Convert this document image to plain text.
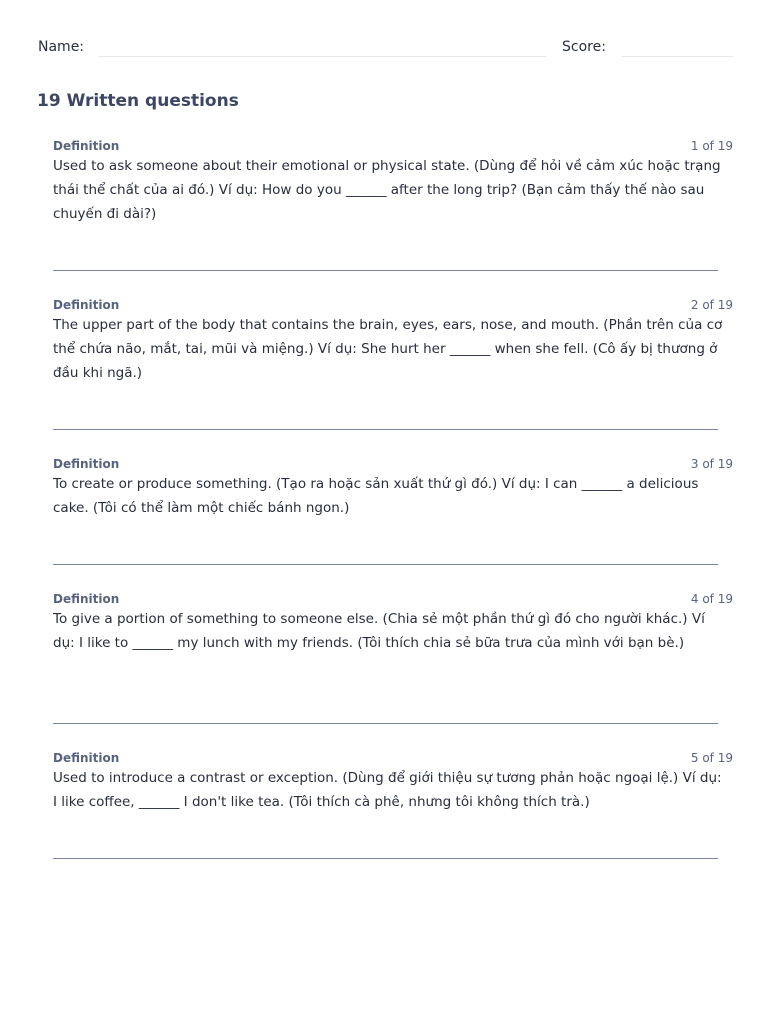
Name:	Score:
19 Written questions
Definition	1 of 19

Used to ask someone about their emotional or physical state. (Dùng để hỏi về cảm xúc hoặc trạng thái thể chất của ai đó.) Ví dụ: How do you ______ after the long trip? (Bạn cảm thấy thế nào sau chuyến đi dài?)

Definition	2 of 19

The upper part of the body that contains the brain, eyes, ears, nose, and mouth. (Phần trên của cơ thể chứa não, mắt, tai, mũi và miệng.) Ví dụ: She hurt her ______ when she fell. (Cô ấy bị thương ở đầu khi ngã.)

Definition	3 of 19

To create or produce something. (Tạo ra hoặc sản xuất thứ gì đó.) Ví dụ: I can ______ a delicious cake. (Tôi có thể làm một chiếc bánh ngon.)

Definition	4 of 19

To give a portion of something to someone else. (Chia sẻ một phần thứ gì đó cho người khác.) Ví dụ: I like to ______ my lunch with my friends. (Tôi thích chia sẻ bữa trưa của mình với bạn bè.)

Definition	5 of 19

Used to introduce a contrast or exception. (Dùng để giới thiệu sự tương phản hoặc ngoại lệ.) Ví dụ: I like coffee, ______ I don't like tea. (Tôi thích cà phê, nhưng tôi không thích trà.)
